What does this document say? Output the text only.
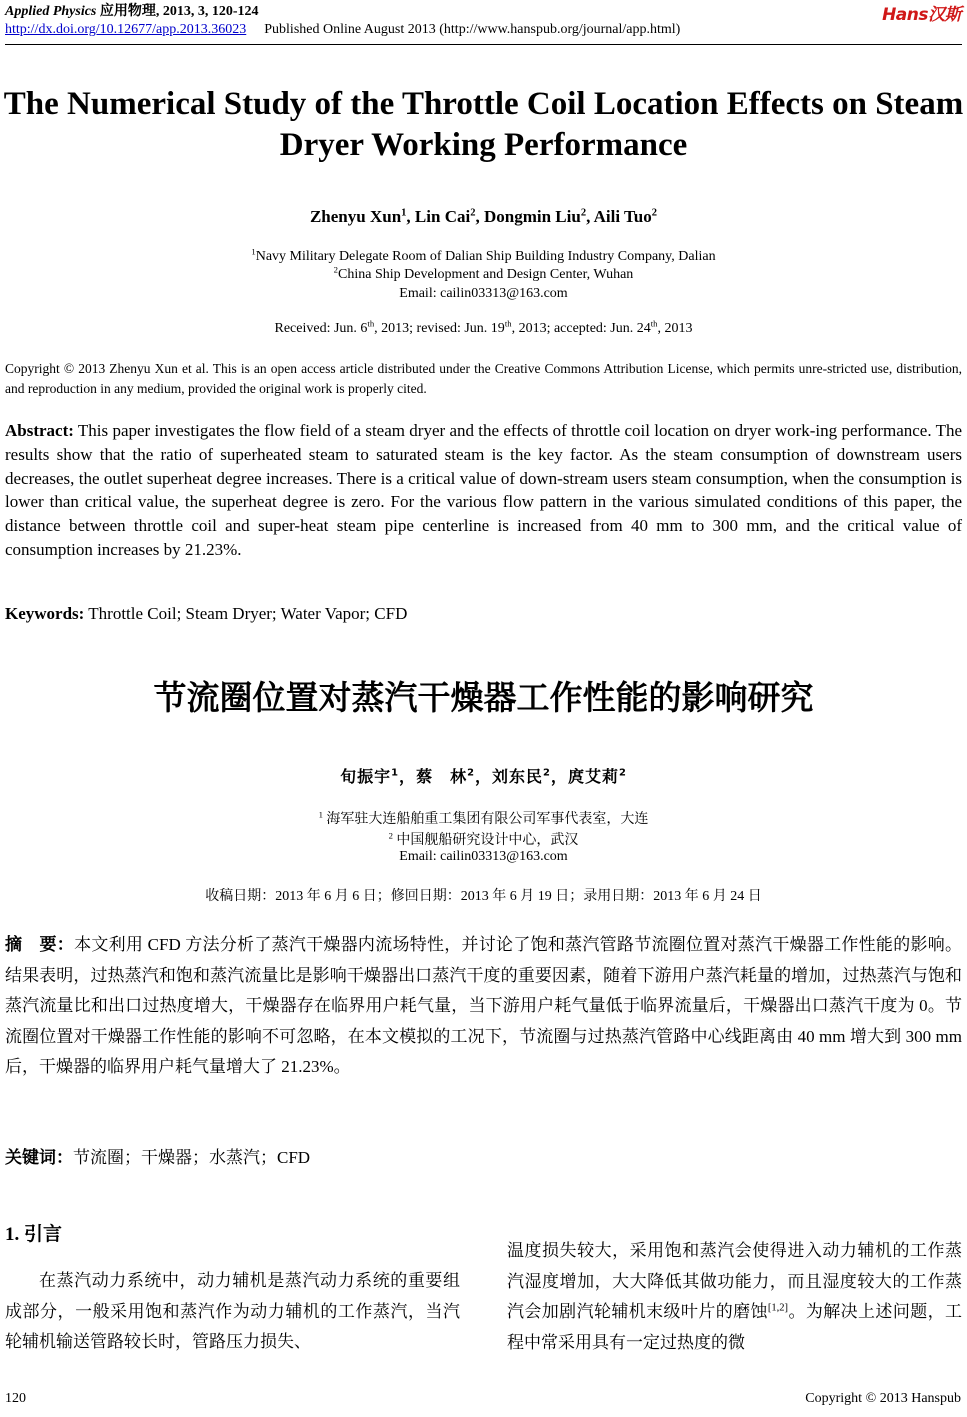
Applied Physics 应用物理, 2013, 3, 120-124
http://dx.doi.org/10.12677/app.2013.36023 Published Online August 2013 (http://www.hanspub.org/journal/app.html)
Hans汉斯
The Numerical Study of the Throttle Coil Location Effects on Steam Dryer Working Performance
Zhenyu Xun$^1$, Lin Cai$^2$, Dongmin Liu$^2$, Aili Tuo$^2$
$^1$Navy Military Delegate Room of Dalian Ship Building Industry Company, Dalian
$^2$China Ship Development and Design Center, Wuhan
Email: cailin03313@163.com
Received: Jun. 6th, 2013; revised: Jun. 19th, 2013; accepted: Jun. 24th, 2013
Copyright © 2013 Zhenyu Xun et al. This is an open access article distributed under the Creative Commons Attribution License, which permits unre-stricted use, distribution, and reproduction in any medium, provided the original work is properly cited.
Abstract: This paper investigates the flow field of a steam dryer and the effects of throttle coil location on dryer work-ing performance. The results show that the ratio of superheated steam to saturated steam is the key factor. As the steam consumption of downstream users decreases, the outlet superheat degree increases. There is a critical value of down-stream users steam consumption, when the consumption is lower than critical value, the superheat degree is zero. For the various flow pattern in the various simulated conditions of this paper, the distance between throttle coil and super-heat steam pipe centerline is increased from 40 mm to 300 mm, and the critical value of consumption increases by 21.23%.
Keywords: Throttle Coil; Steam Dryer; Water Vapor; CFD
节流圈位置对蒸汽干燥器工作性能的影响研究
旬振宇$^1$，蔡　林$^2$，刘东民$^2$，庹艾莉$^2$
$^1$ 海军驻大连船舶重工集团有限公司军事代表室，大连
$^2$ 中国舰船研究设计中心，武汉
Email: cailin03313@163.com
收稿日期：2013 年 6 月 6 日；修回日期：2013 年 6 月 19 日；录用日期：2013 年 6 月 24 日
摘　要：本文利用 CFD 方法分析了蒸汽干燥器内流场特性，并讨论了饱和蒸汽管路节流圈位置对蒸汽干燥器工作性能的影响。结果表明，过热蒸汽和饱和蒸汽流量比是影响干燥器出口蒸汽干度的重要因素，随着下游用户蒸汽耗量的增加，过热蒸汽与饱和蒸汽流量比和出口过热度增大，干燥器存在临界用户耗气量，当下游用户耗气量低于临界流量后，干燥器出口蒸汽干度为 0。节流圈位置对干燥器工作性能的影响不可忽略，在本文模拟的工况下，节流圈与过热蒸汽管路中心线距离由 40 mm 增大到 300 mm 后，干燥器的临界用户耗气量增大了 21.23%。
关键词：节流圈；干燥器；水蒸汽；CFD
1. 引言
在蒸汽动力系统中，动力辅机是蒸汽动力系统的重要组成部分，一般采用饱和蒸汽作为动力辅机的工作蒸汽，当汽轮辅机输送管路较长时，管路压力损失、
温度损失较大，采用饱和蒸汽会使得进入动力辅机的工作蒸汽湿度增加，大大降低其做功能力，而且湿度较大的工作蒸汽会加剧汽轮辅机末级叶片的磨蚀[1,2]。为解决上述问题，工程中常采用具有一定过热度的微
120	Copyright © 2013 Hanspub
